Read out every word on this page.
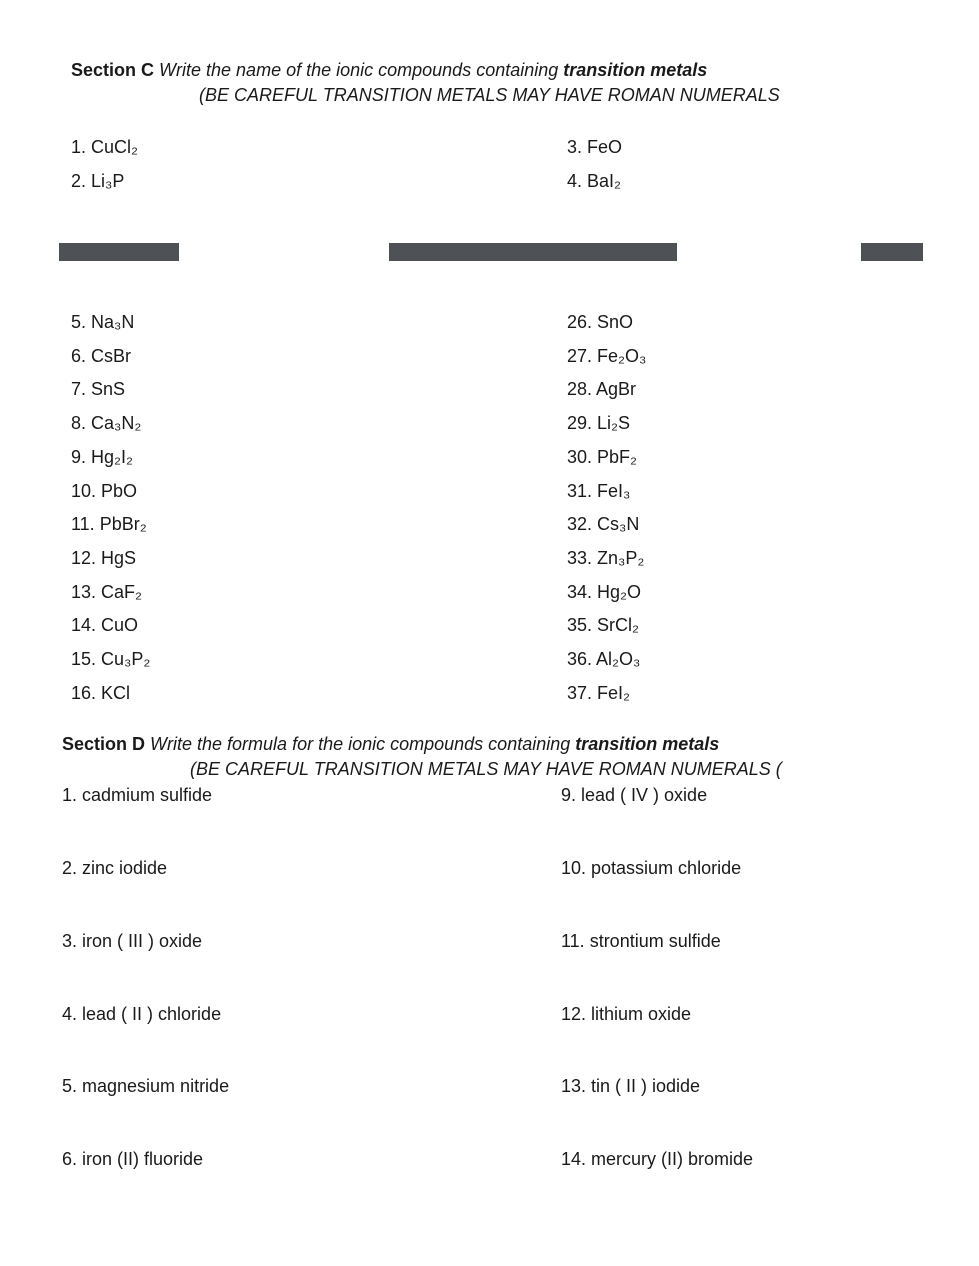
Section C Write the name of the ionic compounds containing transition metals
(BE CAREFUL TRANSITION METALS MAY HAVE ROMAN NUMERALS
1. CuCl₂
2. Li₃P
3. FeO
4. BaI₂
5. Na₃N
6. CsBr
7. SnS
8. Ca₃N₂
9. Hg₂I₂
10. PbO
11. PbBr₂
12. HgS
13. CaF₂
14. CuO
15. Cu₃P₂
16. KCl
26. SnO
27. Fe₂O₃
28. AgBr
29. Li₂S
30. PbF₂
31. FeI₃
32. Cs₃N
33. Zn₃P₂
34. Hg₂O
35. SrCl₂
36. Al₂O₃
37. FeI₂
Section D Write the formula for the ionic compounds containing transition metals
(BE CAREFUL TRANSITION METALS MAY HAVE ROMAN NUMERALS (
1. cadmium sulfide
2. zinc iodide
3. iron ( III ) oxide
4. lead ( II ) chloride
5. magnesium nitride
6. iron (II) fluoride
9. lead ( IV ) oxide
10. potassium chloride
11. strontium sulfide
12. lithium oxide
13. tin ( II ) iodide
14. mercury (II) bromide
